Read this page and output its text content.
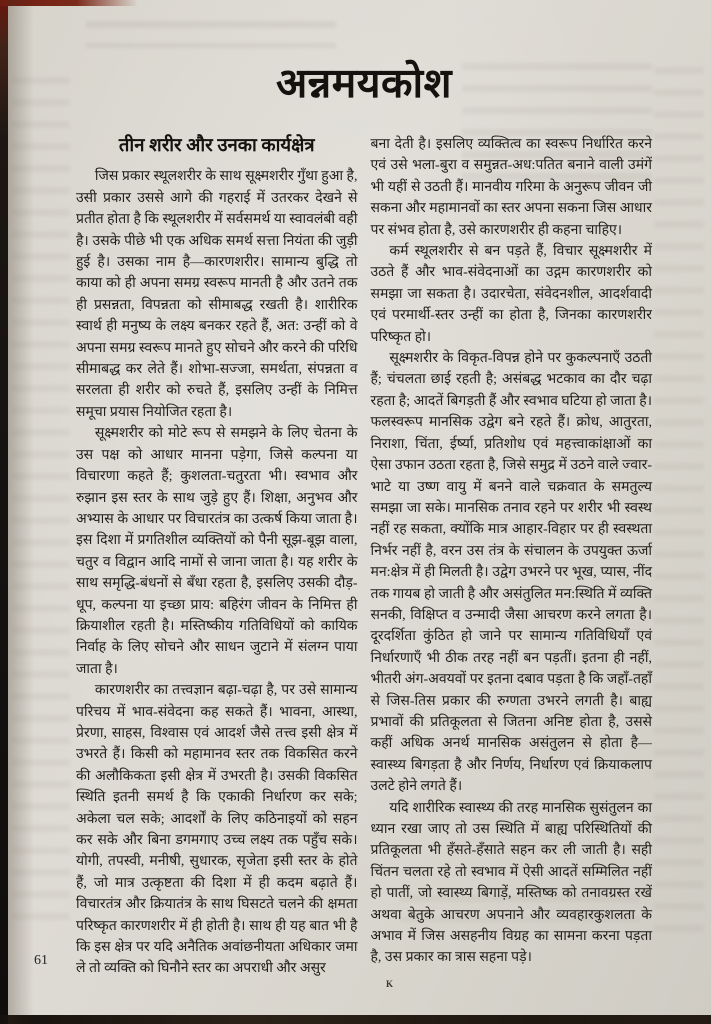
अन्नमयकोश
तीन शरीर और उनका कार्यक्षेत्र

जिस प्रकार स्थूलशरीर के साथ सूक्ष्मशरीर गुँथा हुआ है, उसी प्रकार उससे आगे की गहराई में उतरकर देखने से प्रतीत होता है कि स्थूलशरीर में सर्वसमर्थ या स्वावलंबी वही है। उसके पीछे भी एक अधिक समर्थ सत्ता नियंता की जुड़ी हुई है। उसका नाम है—कारणशरीर। सामान्य बुद्धि तो काया को ही अपना समग्र स्वरूप मानती है और उतने तक ही प्रसन्नता, विपन्नता को सीमाबद्ध रखती है। शारीरिक स्वार्थ ही मनुष्य के लक्ष्य बनकर रहते हैं, अत: उन्हीं को वे अपना समग्र स्वरूप मानते हुए सोचने और करने की परिधि सीमाबद्ध कर लेते हैं। शोभा-सज्जा, समर्थता, संपन्नता व सरलता ही शरीर को रुचते हैं, इसलिए उन्हीं के निमित्त समूचा प्रयास नियोजित रहता है।

सूक्ष्मशरीर को मोटे रूप से समझने के लिए चेतना के उस पक्ष को आधार मानना पड़ेगा, जिसे कल्पना या विचारणा कहते हैं; कुशलता-चतुरता भी। स्वभाव और रुझान इस स्तर के साथ जुड़े हुए हैं। शिक्षा, अनुभव और अभ्यास के आधार पर विचारतंत्र का उत्कर्ष किया जाता है। इस दिशा में प्रगतिशील व्यक्तियों को पैनी सूझ-बूझ वाला, चतुर व विद्वान आदि नामों से जाना जाता है। यह शरीर के साथ समृद्धि-बंधनों से बँधा रहता है, इसलिए उसकी दौड़-धूप, कल्पना या इच्छा प्राय: बहिरंग जीवन के निमित्त ही क्रियाशील रहती है। मस्तिष्कीय गतिविधियों को कायिक निर्वाह के लिए सोचने और साधन जुटाने में संलग्न पाया जाता है।

कारणशरीर का तत्त्वज्ञान बढ़ा-चढ़ा है, पर उसे सामान्य परिचय में भाव-संवेदना कह सकते हैं। भावना, आस्था, प्रेरणा, साहस, विश्वास एवं आदर्श जैसे तत्त्व इसी क्षेत्र में उभरते हैं। किसी को महामानव स्तर तक विकसित करने की अलौकिकता इसी क्षेत्र में उभरती है। उसकी विकसित स्थिति इतनी समर्थ है कि एकाकी निर्धारण कर सके; अकेला चल सके; आदर्शों के लिए कठिनाइयों को सहन कर सके और बिना डगमगाए उच्च लक्ष्य तक पहुँच सके। योगी, तपस्वी, मनीषी, सुधारक, सृजेता इसी स्तर के होते हैं, जो मात्र उत्कृष्टता की दिशा में ही कदम बढ़ाते हैं। विचारतंत्र और क्रियातंत्र के साथ घिसटते चलने की क्षमता परिष्कृत कारणशरीर में ही होती है। साथ ही यह बात भी है कि इस क्षेत्र पर यदि अनैतिक अवांछनीयता अधिकार जमा ले तो व्यक्ति को घिनौने स्तर का अपराधी और असुर

बना देती है। इसलिए व्यक्तित्व का स्वरूप निर्धारित करने एवं उसे भला-बुरा व समुन्नत-अध:पतित बनाने वाली उमंगें भी यहीं से उठती हैं। मानवीय गरिमा के अनुरूप जीवन जी सकना और महामानवों का स्तर अपना सकना जिस आधार पर संभव होता है, उसे कारणशरीर ही कहना चाहिए।

कर्म स्थूलशरीर से बन पड़ते हैं, विचार सूक्ष्मशरीर में उठते हैं और भाव-संवेदनाओं का उद्गम कारणशरीर को समझा जा सकता है। उदारचेता, संवेदनशील, आदर्शवादी एवं परमार्थी-स्तर उन्हीं का होता है, जिनका कारणशरीर परिष्कृत हो।

सूक्ष्मशरीर के विकृत-विपन्न होने पर कुकल्पनाएँ उठती हैं; चंचलता छाई रहती है; असंबद्ध भटकाव का दौर चढ़ा रहता है; आदतें बिगड़ती हैं और स्वभाव घटिया हो जाता है। फलस्वरूप मानसिक उद्वेग बने रहते हैं। क्रोध, आतुरता, निराशा, चिंता, ईर्ष्या, प्रतिशोध एवं महत्त्वाकांक्षाओं का ऐसा उफान उठता रहता है, जिसे समुद्र में उठने वाले ज्वार-भाटे या उष्ण वायु में बनने वाले चक्रवात के समतुल्य समझा जा सके। मानसिक तनाव रहने पर शरीर भी स्वस्थ नहीं रह सकता, क्योंकि मात्र आहार-विहार पर ही स्वस्थता निर्भर नहीं है, वरन उस तंत्र के संचालन के उपयुक्त ऊर्जा मन:क्षेत्र में ही मिलती है। उद्वेग उभरने पर भूख, प्यास, नींद तक गायब हो जाती है और असंतुलित मन:स्थिति में व्यक्ति सनकी, विक्षिप्त व उन्मादी जैसा आचरण करने लगता है। दूरदर्शिता कुंठित हो जाने पर सामान्य गतिविधियाँ एवं निर्धारणाएँ भी ठीक तरह नहीं बन पड़तीं। इतना ही नहीं, भीतरी अंग-अवयवों पर इतना दबाव पड़ता है कि जहाँ-तहाँ से जिस-तिस प्रकार की रुग्णता उभरने लगती है। बाह्य प्रभावों की प्रतिकूलता से जितना अनिष्ट होता है, उससे कहीं अधिक अनर्थ मानसिक असंतुलन से होता है—स्वास्थ्य बिगड़ता है और निर्णय, निर्धारण एवं क्रियाकलाप उलटे होने लगते हैं।

यदि शारीरिक स्वास्थ्य की तरह मानसिक सुसंतुलन का ध्यान रखा जाए तो उस स्थिति में बाह्य परिस्थितियों की प्रतिकूलता भी हँसते-हँसाते सहन कर ली जाती है। सही चिंतन चलता रहे तो स्वभाव में ऐसी आदतें सम्मिलित नहीं हो पातीं, जो स्वास्थ्य बिगाड़ें, मस्तिष्क को तनावग्रस्त रखें अथवा बेतुके आचरण अपनाने और व्यवहारकुशलता के अभाव में जिस असहनीय विग्रह का सामना करना पड़ता है, उस प्रकार का त्रास सहना पड़े।

61
K
